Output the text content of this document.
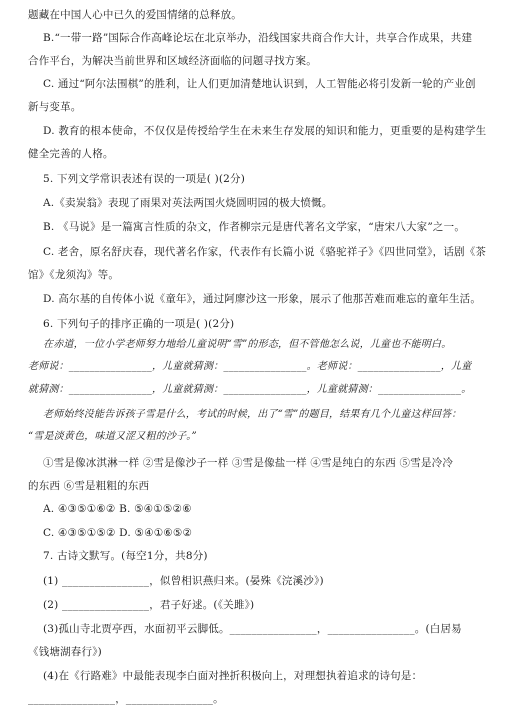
题藏在中国人心中已久的爱国情绪的总释放。
B.“一带一路”国际合作高峰论坛在北京举办，沿线国家共商合作大计，共享合作成果，共建
合作平台，为解决当前世界和区域经济面临的问题寻找方案。
C. 通过“阿尔法围棋”的胜利，让人们更加清楚地认识到，人工智能必将引发新一轮的产业创
新与变革。
D. 教育的根本使命，不仅仅是传授给学生在未来生存发展的知识和能力，更重要的是构建学生
健全完善的人格。
5. 下列文学常识表述有误的一项是( )(2分)
A.《卖炭翁》表现了雨果对英法两国火烧圆明园的极大愤慨。
B. 《马说》是一篇寓言性质的杂文，作者柳宗元是唐代著名文学家，“唐宋八大家”之一。
C. 老舍，原名舒庆春，现代著名作家，代表作有长篇小说《骆驼祥子》《四世同堂》，话剧《茶
馆》《龙须沟》等。
D. 高尔基的自传体小说《童年》，通过阿廖沙这一形象，展示了他那苦难而难忘的童年生活。
6. 下列句子的排序正确的一项是( )(2分)
在赤道，一位小学老师努力地给儿童说明“雪”的形态，但不管他怎么说，儿童也不能明白。
老师说：________________，儿童就猜测：________________。老师说：________________，儿童
就猜测：________________，儿童就猜测：________________，儿童就猜测：________________。
老师始终没能告诉孩子雪是什么，考试的时候，出了“雪”的题目，结果有几个儿童这样回答：
“雪是淡黄色，味道又涩又粗的沙子。”
①雪是像冰淇淋一样 ②雪是像沙子一样 ③雪是像盐一样 ④雪是纯白的东西 ⑤雪是冷冷
的东西 ⑥雪是粗粗的东西
A. ④③⑤①⑥② B. ⑤④①⑤②⑥
C. ④③⑤①⑤② D. ⑤④①⑥⑤②
7. 古诗文默写。(每空1分，共8分)
(1) ________________，似曾相识燕归来。(晏殊《浣溪沙》)
(2) ________________，君子好逑。(《关雎》)
(3)孤山寺北贾亭西，水面初平云脚低。________________，________________。(白居易
《钱塘湖春行》)
(4)在《行路难》中最能表现李白面对挫折积极向上，对理想执着追求的诗句是：
________________，________________。
